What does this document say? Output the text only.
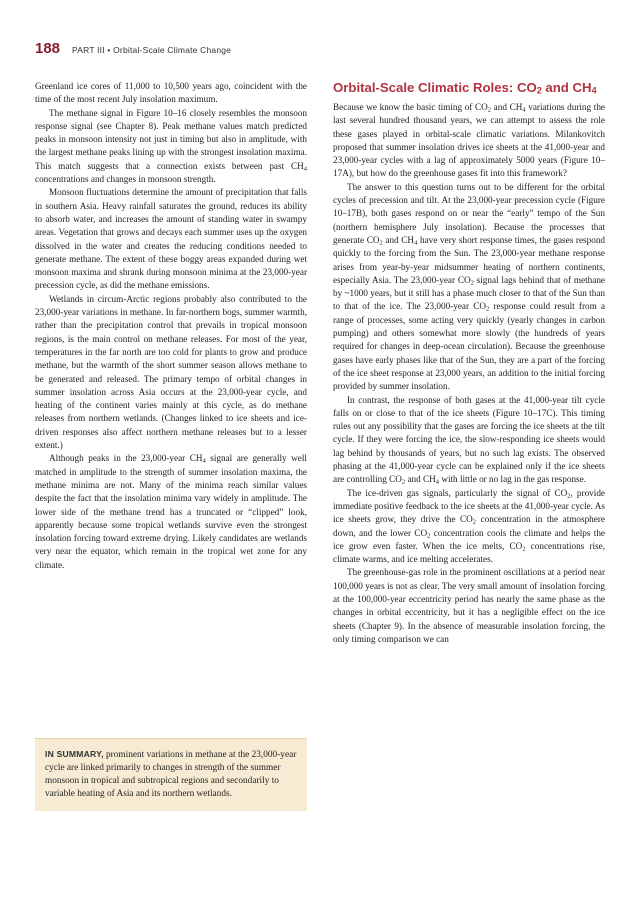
188 PART III • Orbital-Scale Climate Change

Greenland ice cores of 11,000 to 10,500 years ago, coincident with the time of the most recent July insolation maximum.

The methane signal in Figure 10–16 closely resembles the monsoon response signal (see Chapter 8). Peak methane values match predicted peaks in monsoon intensity not just in timing but also in amplitude, with the largest methane peaks lining up with the strongest insolation maxima. This match suggests that a connection exists between past $CH_4$ concentrations and changes in monsoon strength.

Monsoon fluctuations determine the amount of precipitation that falls in southern Asia. Heavy rainfall saturates the ground, reduces its ability to absorb water, and increases the amount of standing water in swampy areas. Vegetation that grows and decays each summer uses up the oxygen dissolved in the water and creates the reducing conditions needed to generate methane. The extent of these boggy areas expanded during wet monsoon maxima and shrank during monsoon minima at the 23,000-year precession cycle, as did the methane emissions.

Wetlands in circum-Arctic regions probably also contributed to the 23,000-year variations in methane. In far-northern bogs, summer warmth, rather than the precipitation control that prevails in tropical monsoon regions, is the main control on methane releases. For most of the year, temperatures in the far north are too cold for plants to grow and produce methane, but the warmth of the short summer season allows methane to be generated and released. The primary tempo of orbital changes in summer insolation across Asia occurs at the 23,000-year cycle, and heating of the continent varies mainly at this cycle, as do methane releases from northern wetlands. (Changes linked to ice sheets and ice-driven responses also affect northern methane releases but to a lesser extent.)

Although peaks in the 23,000-year $CH_4$ signal are generally well matched in amplitude to the strength of summer insolation maxima, the methane minima are not. Many of the minima reach similar values despite the fact that the insolation minima vary widely in amplitude. The lower side of the methane trend has a truncated or “clipped” look, apparently because some tropical wetlands survive even the strongest insolation forcing toward extreme drying. Likely candidates are wetlands very near the equator, which remain in the tropical wet zone for any climate.

IN SUMMARY, prominent variations in methane at the 23,000-year cycle are linked primarily to changes in strength of the summer monsoon in tropical and subtropical regions and secondarily to variable heating of Asia and its northern wetlands.
Orbital-Scale Climatic Roles: $CO_2$ and $CH_4$

Because we know the basic timing of $CO_2$ and $CH_4$ variations during the last several hundred thousand years, we can attempt to assess the role these gases played in orbital-scale climatic variations. Milankovitch proposed that summer insolation drives ice sheets at the 41,000-year and 23,000-year cycles with a lag of approximately 5000 years (Figure 10–17A), but how do the greenhouse gases fit into this framework?

The answer to this question turns out to be different for the orbital cycles of precession and tilt. At the 23,000-year precession cycle (Figure 10–17B), both gases respond on or near the “early” tempo of the Sun (northern hemisphere July insolation). Because the processes that generate $CO_2$ and $CH_4$ have very short response times, the gases respond quickly to the forcing from the Sun. The 23,000-year methane response arises from year-by-year midsummer heating of northern continents, especially Asia. The 23,000-year $CO_2$ signal lags behind that of methane by ~1000 years, but it still has a phase much closer to that of the Sun than to that of the ice. The 23,000-year $CO_2$ response could result from a range of processes, some acting very quickly (yearly changes in carbon pumping) and others somewhat more slowly (the hundreds of years required for changes in deep-ocean circulation). Because the greenhouse gases have early phases like that of the Sun, they are a part of the forcing of the ice sheet response at 23,000 years, an addition to the initial forcing provided by summer insolation.

In contrast, the response of both gases at the 41,000-year tilt cycle falls on or close to that of the ice sheets (Figure 10–17C). This timing rules out any possibility that the gases are forcing the ice sheets at the tilt cycle. If they were forcing the ice, the slow-responding ice sheets would lag behind by thousands of years, but no such lag exists. The observed phasing at the 41,000-year cycle can be explained only if the ice sheets are controlling $CO_2$ and $CH_4$ with little or no lag in the gas response.

The ice-driven gas signals, particularly the signal of $CO_2$, provide immediate positive feedback to the ice sheets at the 41,000-year cycle. As ice sheets grow, they drive the $CO_2$ concentration in the atmosphere down, and the lower $CO_2$ concentration cools the climate and helps the ice grow even faster. When the ice melts, $CO_2$ concentrations rise, climate warms, and ice melting accelerates.

The greenhouse-gas role in the prominent oscillations at a period near 100,000 years is not as clear. The very small amount of insolation forcing at the 100,000-year eccentricity period has nearly the same phase as the changes in orbital eccentricity, but it has a negligible effect on the ice sheets (Chapter 9). In the absence of measurable insolation forcing, the only timing comparison we can
